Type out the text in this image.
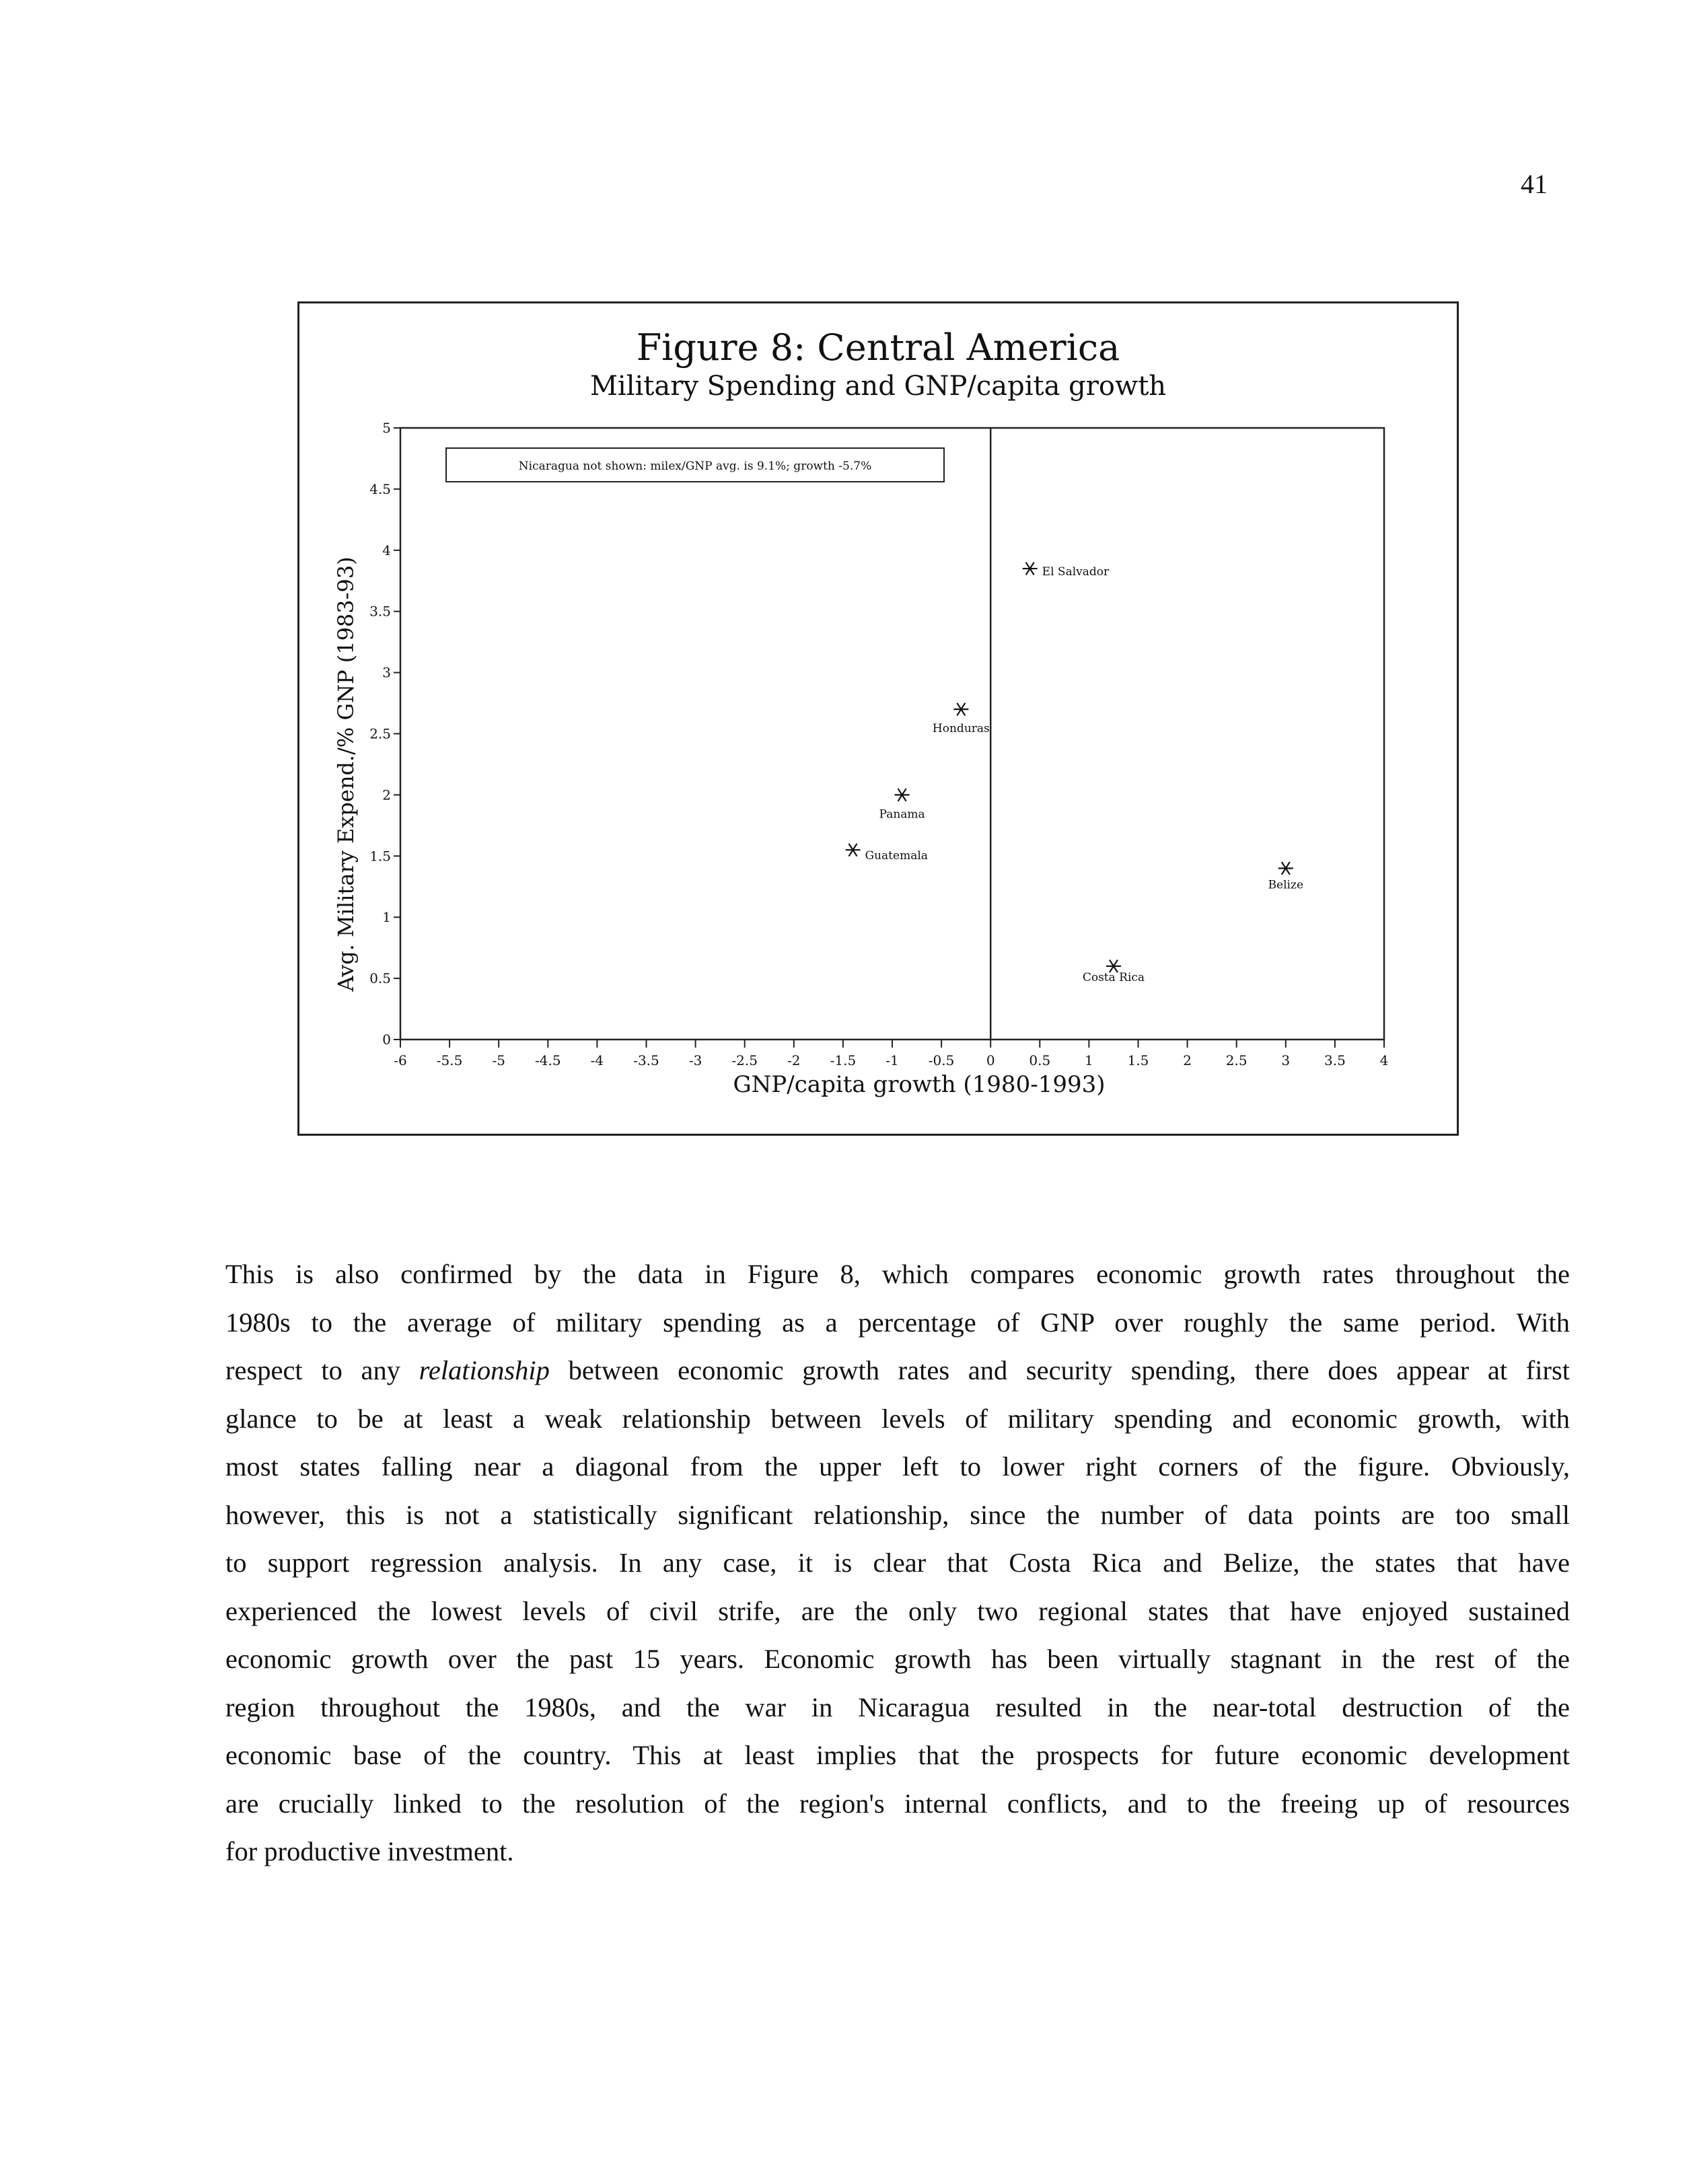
41
Figure 8: Central America
Military Spending and GNP/capita growth
0
0.5
1
1.5
2
2.5
3
3.5
4
4.5
5
-6 -5.5 -5 -4.5 -4 -3.5 -3 -2.5 -2 -1.5 -1 -0.5 0	0.5	1	1.5	2	2.5	3	3.5	4
GNP/capita growth (1980-1993)
Avg. Military Expend./% GNP (1983-93)
Nicaragua not shown: milex/GNP avg. is 9.1%; growth -5.7%
El Salvador
Honduras
Panama
Guatemala
Belize
Costa Rica
This is also confirmed by the data in Figure 8, which compares economic growth rates throughout the
1980s to the average of military spending as a percentage of GNP over roughly the same period. With
respect to any relationship between economic growth rates and security spending, there does appear at first
glance to be at least a weak relationship between levels of military spending and economic growth, with
most states falling near a diagonal from the upper left to lower right corners of the figure. Obviously,
however, this is not a statistically significant relationship, since the number of data points are too small
to support regression analysis. In any case, it is clear that Costa Rica and Belize, the states that have
experienced the lowest levels of civil strife, are the only two regional states that have enjoyed sustained
economic growth over the past 15 years. Economic growth has been virtually stagnant in the rest of the
region throughout the 1980s, and the war in Nicaragua resulted in the near-total destruction of the
economic base of the country. This at least implies that the prospects for future economic development
are crucially linked to the resolution of the region's internal conflicts, and to the freeing up of resources
for productive investment.
